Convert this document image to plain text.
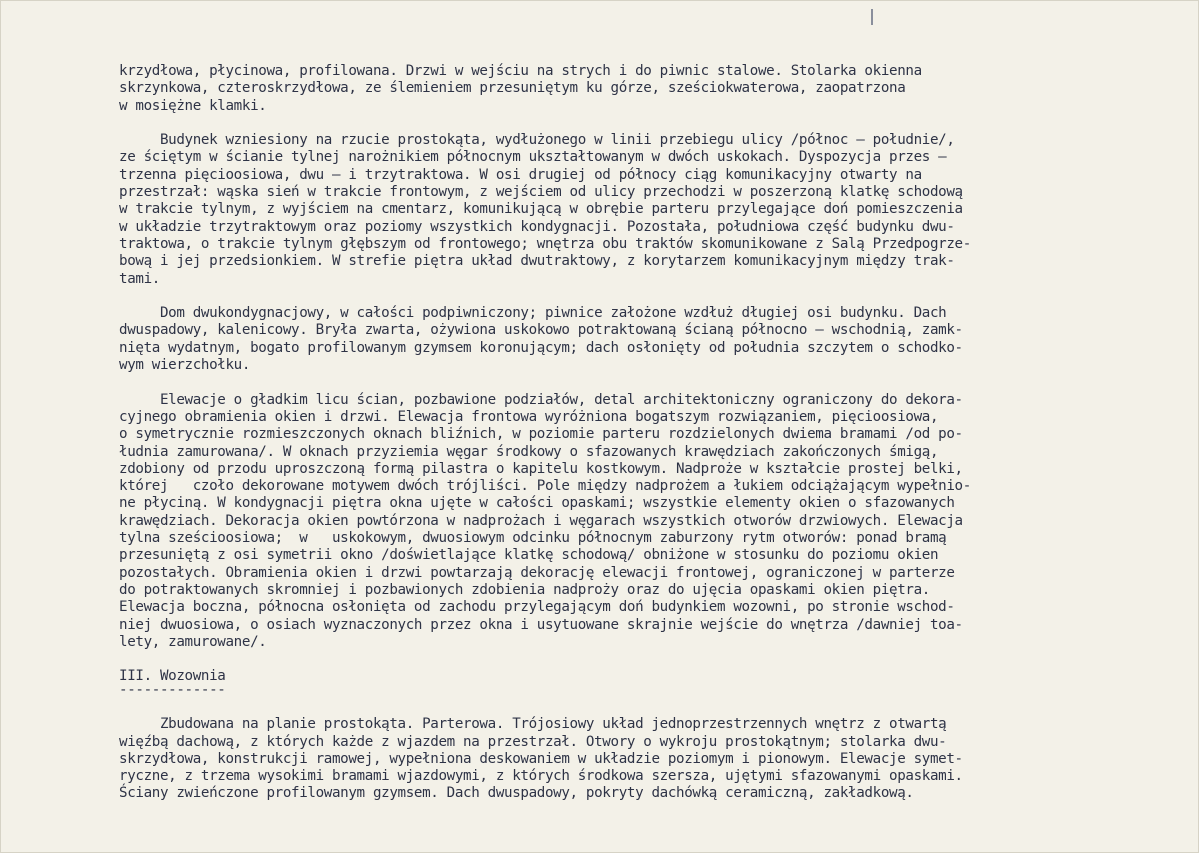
krzydłowa, płycinowa, profilowana. Drzwi w wejściu na strych i do piwnic stalowe. Stolarka okienna
skrzynkowa, czteroskrzydłowa, ze ślemieniem przesuniętym ku górze, sześciokwaterowa, zaopatrzona
w mosiężne klamki.
Budynek wzniesiony na rzucie prostokąta, wydłużonego w linii przebiegu ulicy /północ – południe/,
ze ściętym w ścianie tylnej narożnikiem północnym ukształtowanym w dwóch uskokach. Dyspozycja przes –
trzenna pięcioosiowa, dwu – i trzytraktowa. W osi drugiej od północy ciąg komunikacyjny otwarty na
przestrzał: wąska sień w trakcie frontowym, z wejściem od ulicy przechodzi w poszerzoną klatkę schodową
w trakcie tylnym, z wyjściem na cmentarz, komunikującą w obrębie parteru przylegające doń pomieszczenia
w układzie trzytraktowym oraz poziomy wszystkich kondygnacji. Pozostała, południowa część budynku dwu-
traktowa, o trakcie tylnym głębszym od frontowego; wnętrza obu traktów skomunikowane z Salą Przedpogrze-
bową i jej przedsionkiem. W strefie piętra układ dwutraktowy, z korytarzem komunikacyjnym między trak-
tami.
Dom dwukondygnacjowy, w całości podpiwniczony; piwnice założone wzdłuż długiej osi budynku. Dach
dwuspadowy, kalenicowy. Bryła zwarta, ożywiona uskokowo potraktowaną ścianą północno – wschodnią, zamk-
nięta wydatnym, bogato profilowanym gzymsem koronującym; dach osłonięty od południa szczytem o schodko-
wym wierzchołku.
Elewacje o gładkim licu ścian, pozbawione podziałów, detal architektoniczny ograniczony do dekora-
cyjnego obramienia okien i drzwi. Elewacja frontowa wyróżniona bogatszym rozwiązaniem, pięcioosiowa,
o symetrycznie rozmieszczonych oknach bliźnich, w poziomie parteru rozdzielonych dwiema bramami /od po-
łudnia zamurowana/. W oknach przyziemia węgar środkowy o sfazowanych krawędziach zakończonych śmigą,
zdobiony od przodu uproszczoną formą pilastra o kapitelu kostkowym. Nadproże w kształcie prostej belki,
której   czoło dekorowane motywem dwóch trójliści. Pole między nadprożem a łukiem odciążającym wypełnio-
ne płyciną. W kondygnacji piętra okna ujęte w całości opaskami; wszystkie elementy okien o sfazowanych
krawędziach. Dekoracja okien powtórzona w nadprożach i węgarach wszystkich otworów drzwiowych. Elewacja
tylna sześcioosiowa;  w   uskokowym, dwuosiowym odcinku północnym zaburzony rytm otworów: ponad bramą
przesuniętą z osi symetrii okno /doświetlające klatkę schodową/ obniżone w stosunku do poziomu okien
pozostałych. Obramienia okien i drzwi powtarzają dekorację elewacji frontowej, ograniczonej w parterze
do potraktowanych skromniej i pozbawionych zdobienia nadproży oraz do ujęcia opaskami okien piętra.
Elewacja boczna, północna osłonięta od zachodu przylegającym doń budynkiem wozowni, po stronie wschod-
niej dwuosiowa, o osiach wyznaczonych przez okna i usytuowane skrajnie wejście do wnętrza /dawniej toa-
lety, zamurowane/.
III. Wozownia
-------------
Zbudowana na planie prostokąta. Parterowa. Trójosiowy układ jednoprzestrzennych wnętrz z otwartą
więźbą dachową, z których każde z wjazdem na przestrzał. Otwory o wykroju prostokątnym; stolarka dwu-
skrzydłowa, konstrukcji ramowej, wypełniona deskowaniem w układzie poziomym i pionowym. Elewacje symet-
ryczne, z trzema wysokimi bramami wjazdowymi, z których środkowa szersza, ujętymi sfazowanymi opaskami.
Ściany zwieńczone profilowanym gzymsem. Dach dwuspadowy, pokryty dachówką ceramiczną, zakładkową.
